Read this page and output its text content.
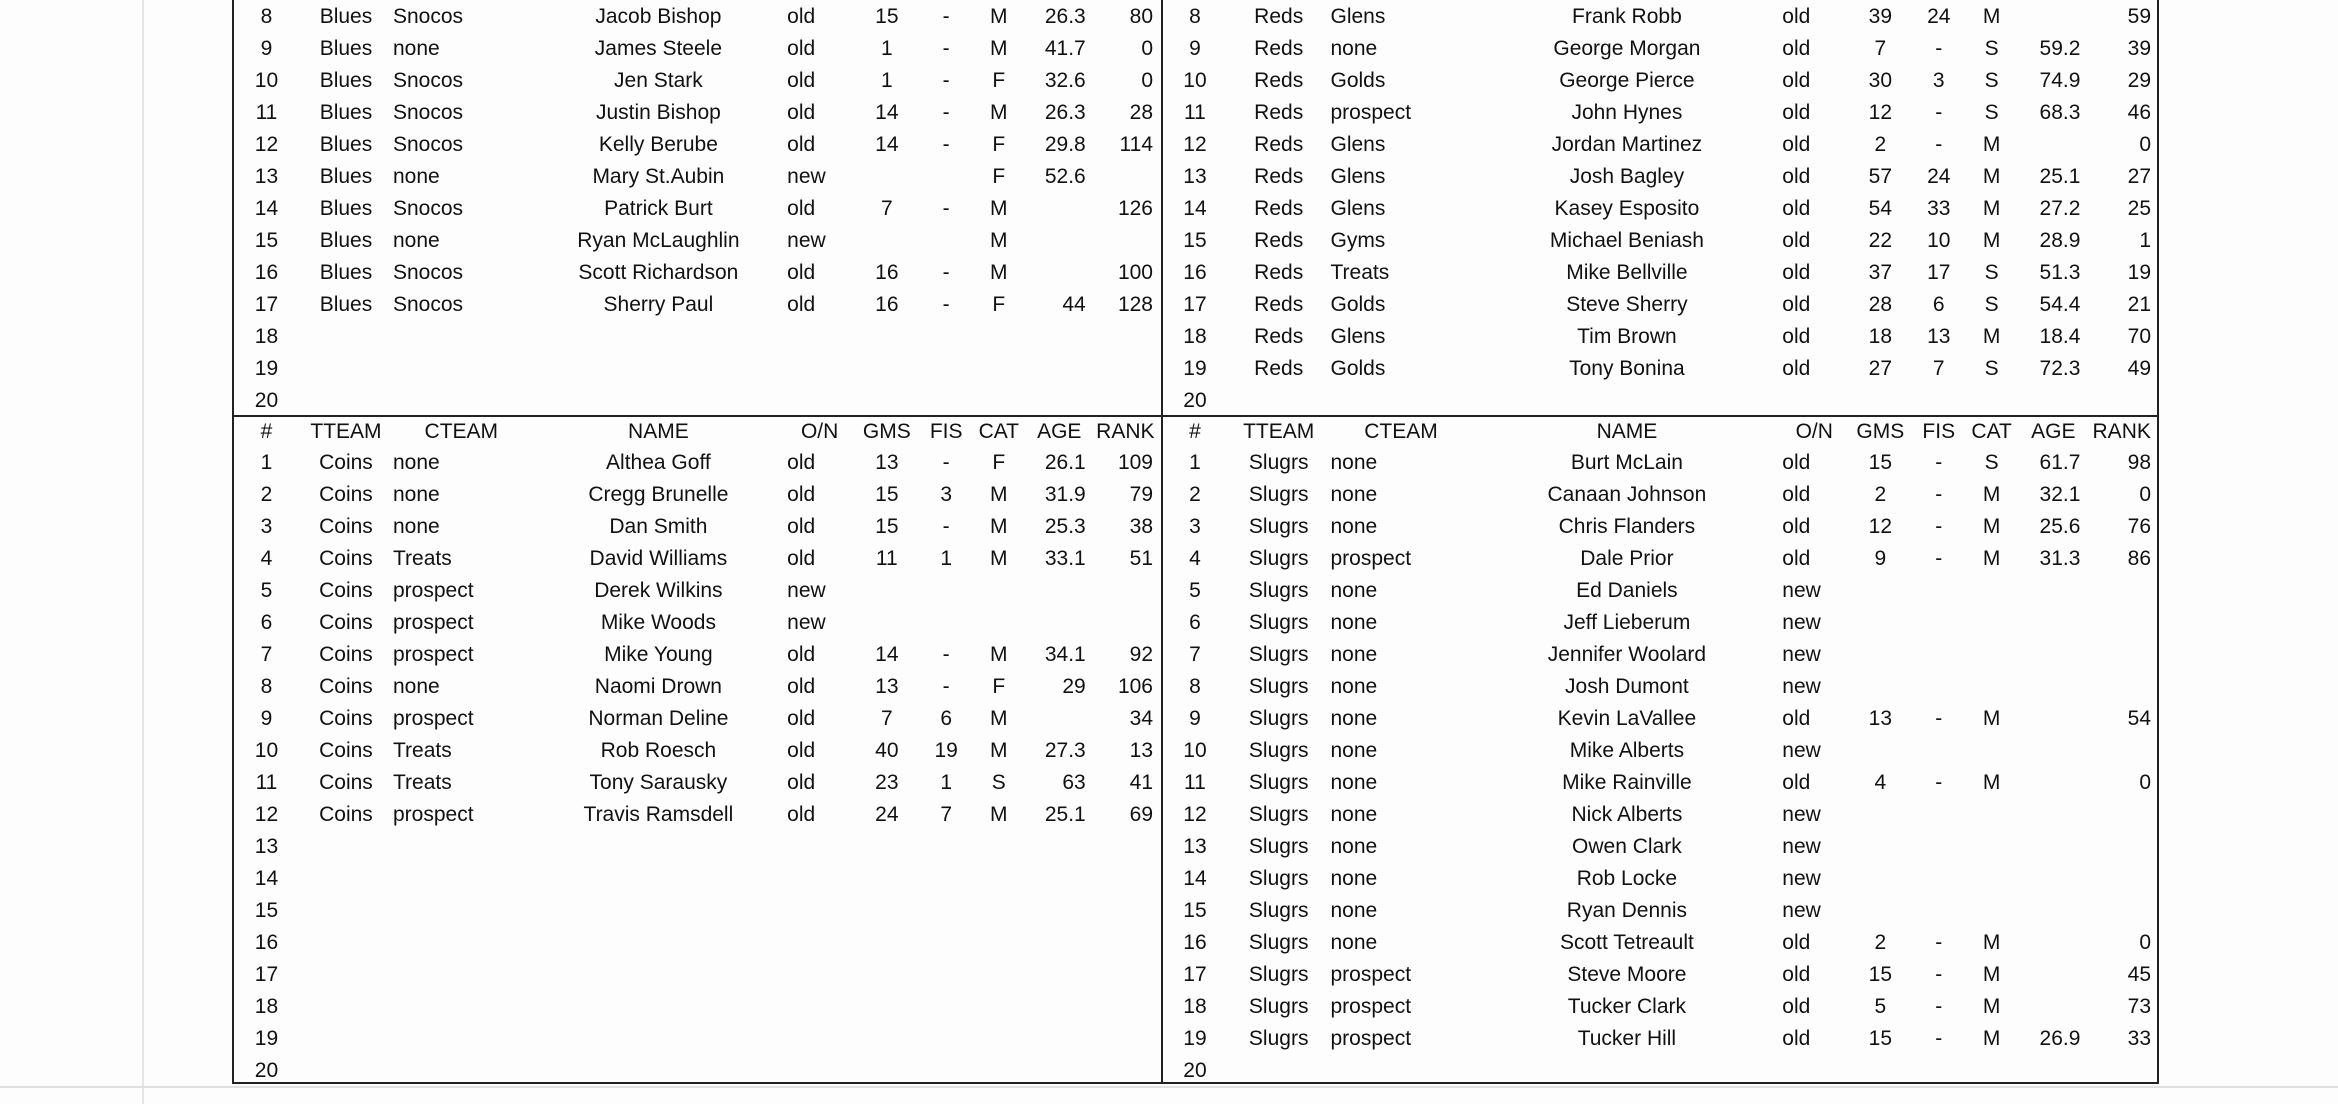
8	Blues	Snocos	Jacob Bishop	old	15	-	M	26.3	80
9	Blues	none	James Steele	old	1	-	M	41.7	0
10	Blues	Snocos	Jen Stark	old	1	-	F	32.6	0
11	Blues	Snocos	Justin Bishop	old	14	-	M	26.3	28
12	Blues	Snocos	Kelly Berube	old	14	-	F	29.8	114
13	Blues	none	Mary St.Aubin	new			F	52.6	
14	Blues	Snocos	Patrick Burt	old	7	-	M		126
15	Blues	none	Ryan McLaughlin	new			M		
16	Blues	Snocos	Scott Richardson	old	16	-	M		100
17	Blues	Snocos	Sherry Paul	old	16	-	F	44	128
18									
19									
20									
8	Reds	Glens	Frank Robb	old	39	24	M		59
9	Reds	none	George Morgan	old	7	-	S	59.2	39
10	Reds	Golds	George Pierce	old	30	3	S	74.9	29
11	Reds	prospect	John Hynes	old	12	-	S	68.3	46
12	Reds	Glens	Jordan Martinez	old	2	-	M		0
13	Reds	Glens	Josh Bagley	old	57	24	M	25.1	27
14	Reds	Glens	Kasey Esposito	old	54	33	M	27.2	25
15	Reds	Gyms	Michael Beniash	old	22	10	M	28.9	1
16	Reds	Treats	Mike Bellville	old	37	17	S	51.3	19
17	Reds	Golds	Steve Sherry	old	28	6	S	54.4	21
18	Reds	Glens	Tim Brown	old	18	13	M	18.4	70
19	Reds	Golds	Tony Bonina	old	27	7	S	72.3	49
20									
#	TTEAM	CTEAM	NAME	O/N	GMS	FIS	CAT	AGE	RANK
1	Coins	none	Althea Goff	old	13	-	F	26.1	109
2	Coins	none	Cregg Brunelle	old	15	3	M	31.9	79
3	Coins	none	Dan Smith	old	15	-	M	25.3	38
4	Coins	Treats	David Williams	old	11	1	M	33.1	51
5	Coins	prospect	Derek Wilkins	new					
6	Coins	prospect	Mike Woods	new					
7	Coins	prospect	Mike Young	old	14	-	M	34.1	92
8	Coins	none	Naomi Drown	old	13	-	F	29	106
9	Coins	prospect	Norman Deline	old	7	6	M		34
10	Coins	Treats	Rob Roesch	old	40	19	M	27.3	13
11	Coins	Treats	Tony Sarausky	old	23	1	S	63	41
12	Coins	prospect	Travis Ramsdell	old	24	7	M	25.1	69
13									
14									
15									
16									
17									
18									
19									
20									
#	TTEAM	CTEAM	NAME	O/N	GMS	FIS	CAT	AGE	RANK
1	Slugrs	none	Burt McLain	old	15	-	S	61.7	98
2	Slugrs	none	Canaan Johnson	old	2	-	M	32.1	0
3	Slugrs	none	Chris Flanders	old	12	-	M	25.6	76
4	Slugrs	prospect	Dale Prior	old	9	-	M	31.3	86
5	Slugrs	none	Ed Daniels	new					
6	Slugrs	none	Jeff Lieberum	new					
7	Slugrs	none	Jennifer Woolard	new					
8	Slugrs	none	Josh Dumont	new					
9	Slugrs	none	Kevin LaVallee	old	13	-	M		54
10	Slugrs	none	Mike Alberts	new					
11	Slugrs	none	Mike Rainville	old	4	-	M		0
12	Slugrs	none	Nick Alberts	new					
13	Slugrs	none	Owen Clark	new					
14	Slugrs	none	Rob Locke	new					
15	Slugrs	none	Ryan Dennis	new					
16	Slugrs	none	Scott Tetreault	old	2	-	M		0
17	Slugrs	prospect	Steve Moore	old	15	-	M		45
18	Slugrs	prospect	Tucker Clark	old	5	-	M		73
19	Slugrs	prospect	Tucker Hill	old	15	-	M	26.9	33
20									
